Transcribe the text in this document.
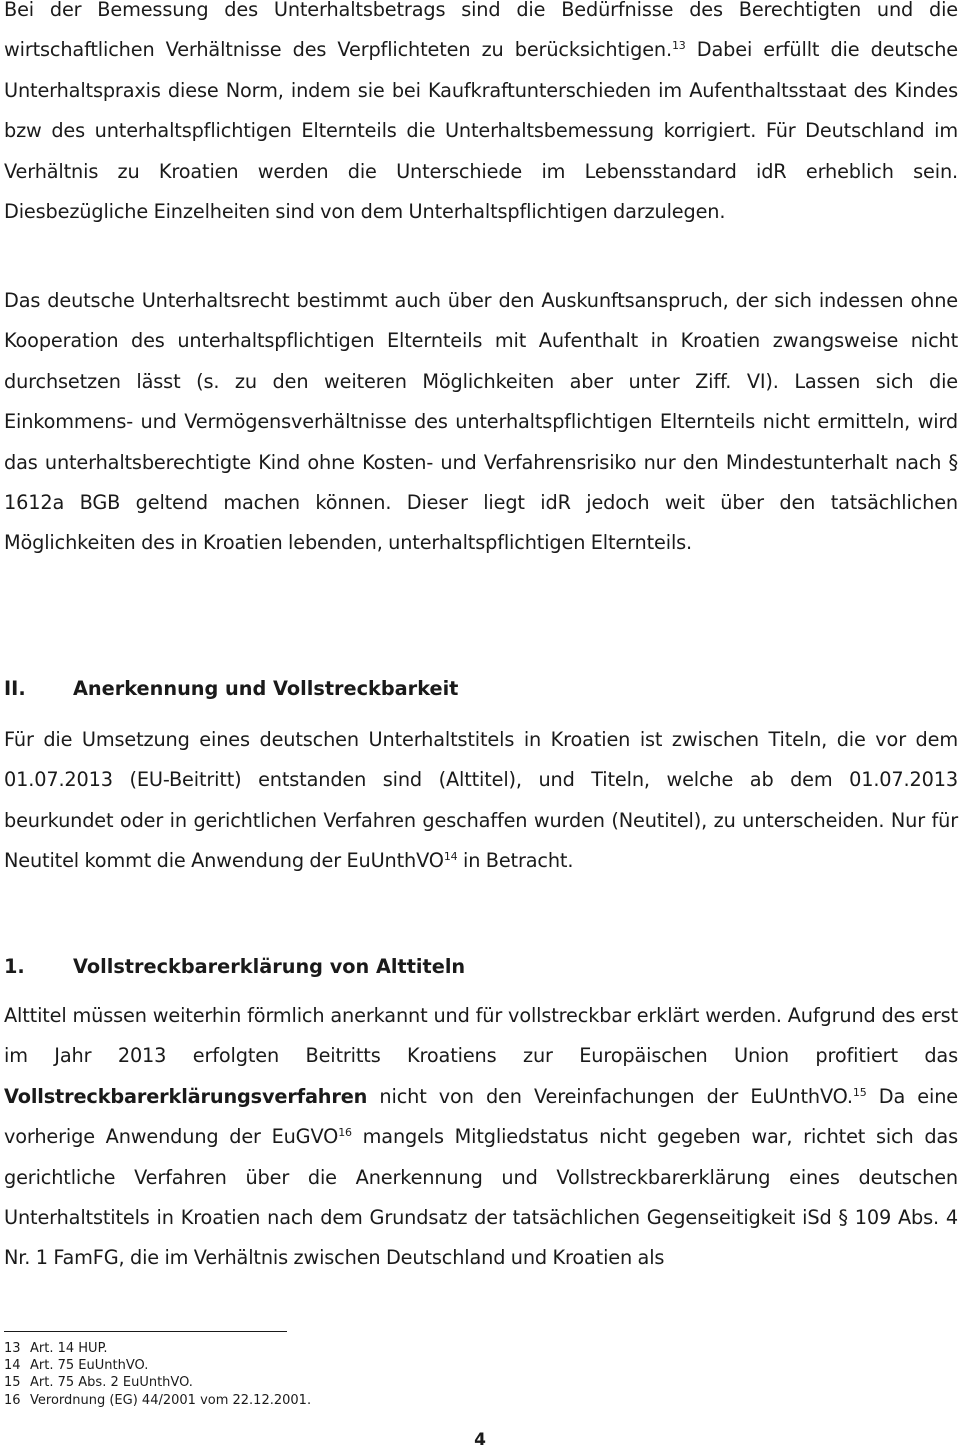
Bei der Bemessung des Unterhaltsbetrags sind die Bedürfnisse des Berechtigten und die wirtschaftlichen Verhältnisse des Verpflichteten zu berücksichtigen.$^{13}$ Dabei erfüllt die deutsche Unterhaltspraxis diese Norm, indem sie bei Kaufkraftunterschieden im Aufenthaltsstaat des Kindes bzw des unterhaltspflichtigen Elternteils die Unterhaltsbemessung korrigiert. Für Deutschland im Verhältnis zu Kroatien werden die Unterschiede im Lebensstandard idR erheblich sein. Diesbezügliche Einzelheiten sind von dem Unterhaltspflichtigen darzulegen.

Das deutsche Unterhaltsrecht bestimmt auch über den Auskunftsanspruch, der sich indessen ohne Kooperation des unterhaltspflichtigen Elternteils mit Aufenthalt in Kroatien zwangsweise nicht durchsetzen lässt (s. zu den weiteren Möglichkeiten aber unter Ziff. VI). Lassen sich die Einkommens- und Vermögensverhältnisse des unterhaltspflichtigen Elternteils nicht ermitteln, wird das unterhaltsberechtigte Kind ohne Kosten- und Verfahrensrisiko nur den Mindestunterhalt nach § 1612a BGB geltend machen können. Dieser liegt idR jedoch weit über den tatsächlichen Möglichkeiten des in Kroatien lebenden, unterhaltspflichtigen Elternteils.

II.	Anerkennung und Vollstreckbarkeit

Für die Umsetzung eines deutschen Unterhaltstitels in Kroatien ist zwischen Titeln, die vor dem 01.07.2013 (EU-Beitritt) entstanden sind (Alttitel), und Titeln, welche ab dem 01.07.2013 beurkundet oder in gerichtlichen Verfahren geschaffen wurden (Neutitel), zu unterscheiden. Nur für Neutitel kommt die Anwendung der EuUnthVO$^{14}$ in Betracht.

1.	Vollstreckbarerklärung von Alttiteln

Alttitel müssen weiterhin förmlich anerkannt und für vollstreckbar erklärt werden. Aufgrund des erst im Jahr 2013 erfolgten Beitritts Kroatiens zur Europäischen Union profitiert das Vollstreckbarerklärungsverfahren nicht von den Vereinfachungen der EuUnthVO.$^{15}$ Da eine vorherige Anwendung der EuGVO$^{16}$ mangels Mitgliedstatus nicht gegeben war, richtet sich das gerichtliche Verfahren über die Anerkennung und Vollstreckbarerklärung eines deutschen Unterhaltstitels in Kroatien nach dem Grundsatz der tatsächlichen Gegenseitigkeit iSd § 109 Abs. 4 Nr. 1 FamFG, die im Verhältnis zwischen Deutschland und Kroatien als

13 Art. 14 HUP.
14 Art. 75 EuUnthVO.
15 Art. 75 Abs. 2 EuUnthVO.
16 Verordnung (EG) 44/2001 vom 22.12.2001.
4
